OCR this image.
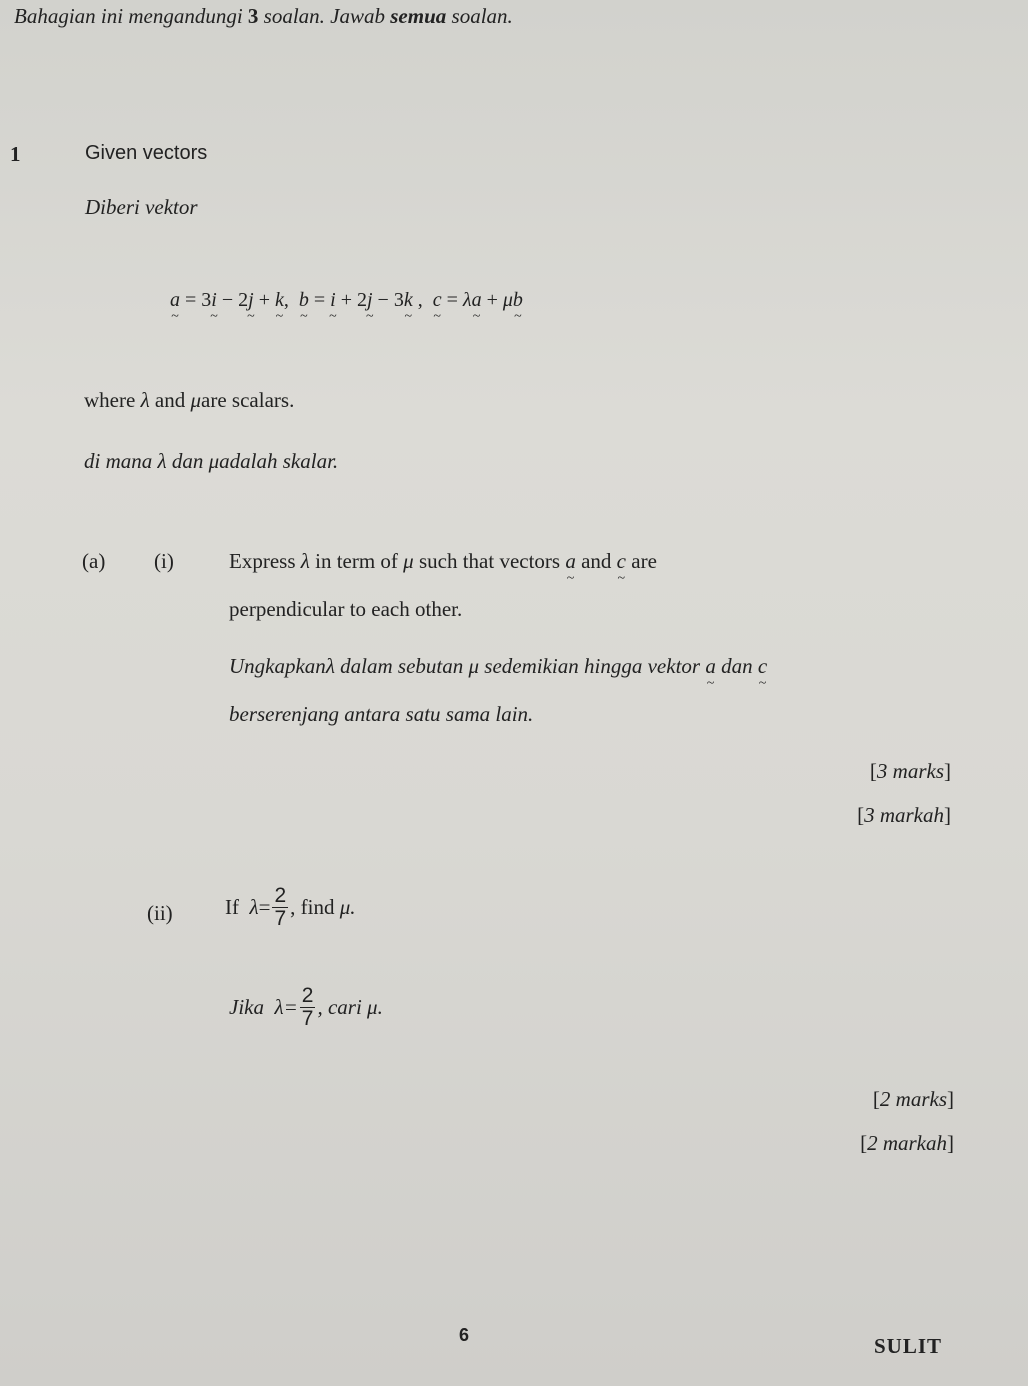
Bahagian ini mengandungi 3 soalan. Jawab semua soalan.
1	Given vectors
Diberi vektor
a ~ = 3i ~ − 2j ~ + k ~, b ~ = i ~ + 2j ~ − 3k ~ , c ~ = λa ~ + μb ~
where λ and μare scalars.
di mana λ dan μadalah skalar.
(a) (i)	Express λ in term of μ such that vectors a ~ and c ~ are
perpendicular to each other.
Ungkapkanλ dalam sebutan μ sedemikian hingga vektor a ~ dan c ~
berserenjang antara satu sama lain.
[3 marks]
[3 markah]
(ii) If
$\lambda = \frac{2}{7}$ , find
μ.
Jika
$\lambda = \frac{2}{7}$ , cari
μ.
[2 marks]
[2 markah]
6	SULIT
